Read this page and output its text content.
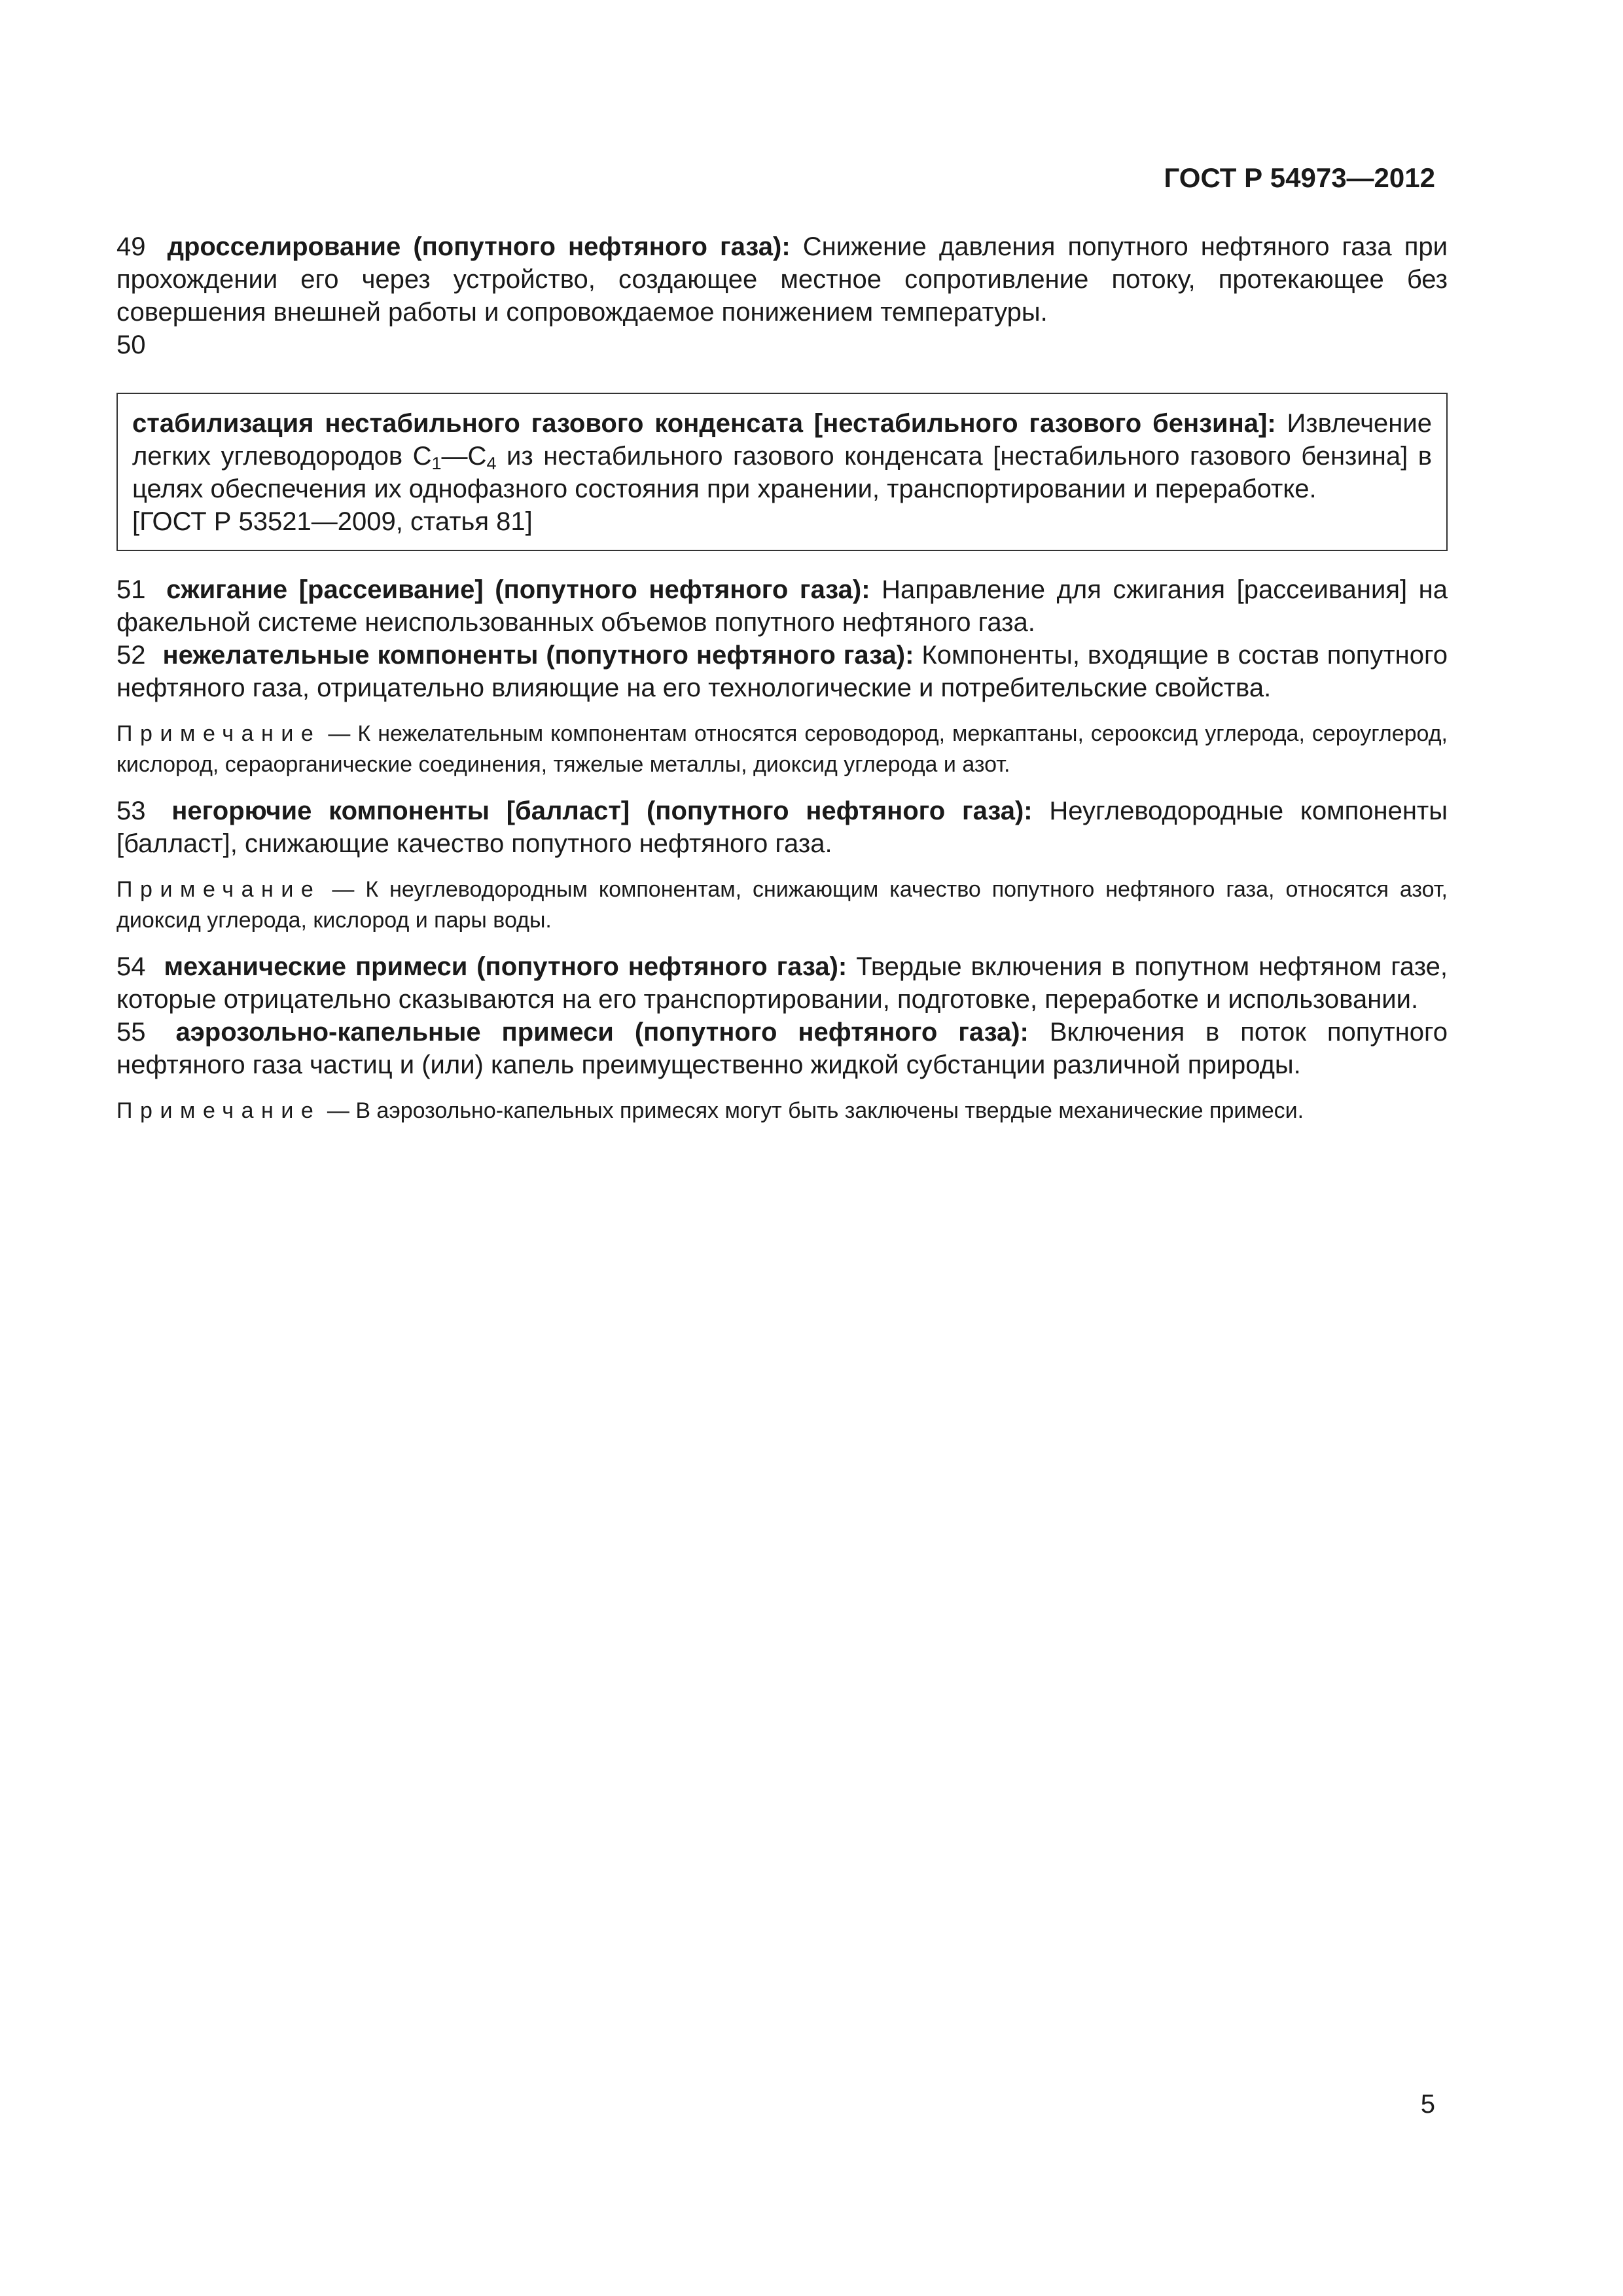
ГОСТ Р 54973—2012

49 дросселирование (попутного нефтяного газа): Снижение давления попутного нефтяного газа при прохождении его через устройство, создающее местное сопротивление потоку, протекающее без совершения внешней работы и сопровождаемое понижением температуры.

50

стабилизация нестабильного газового конденсата [нестабильного газового бензина]: Извлечение легких углеводородов $C_1—C_4$ из нестабильного газового конденсата [нестабильного газового бензина] в целях обеспечения их однофазного состояния при хранении, транспортировании и переработке.

[ГОСТ Р 53521—2009, статья 81]

51 сжигание [рассеивание] (попутного нефтяного газа): Направление для сжигания [рассеивания] на факельной системе неиспользованных объемов попутного нефтяного газа.

52 нежелательные компоненты (попутного нефтяного газа): Компоненты, входящие в состав попутного нефтяного газа, отрицательно влияющие на его технологические и потребительские свойства.

Примечание — К нежелательным компонентам относятся сероводород, меркаптаны, сероокcид углерода, сероуглерод, кислород, сераорганические соединения, тяжелые металлы, диоксид углерода и азот.

53 негорючие компоненты [балласт] (попутного нефтяного газа): Неуглеводородные компоненты [балласт], снижающие качество попутного нефтяного газа.

Примечание — К неуглеводородным компонентам, снижающим качество попутного нефтяного газа, относятся азот, диоксид углерода, кислород и пары воды.

54 механические примеси (попутного нефтяного газа): Твердые включения в попутном нефтяном газе, которые отрицательно сказываются на его транспортировании, подготовке, переработке и использовании.

55 аэрозольно-капельные примеси (попутного нефтяного газа): Включения в поток попутного нефтяного газа частиц и (или) капель преимущественно жидкой субстанции различной природы.

Примечание — В аэрозольно-капельных примесях могут быть заключены твердые механические примеси.

5
